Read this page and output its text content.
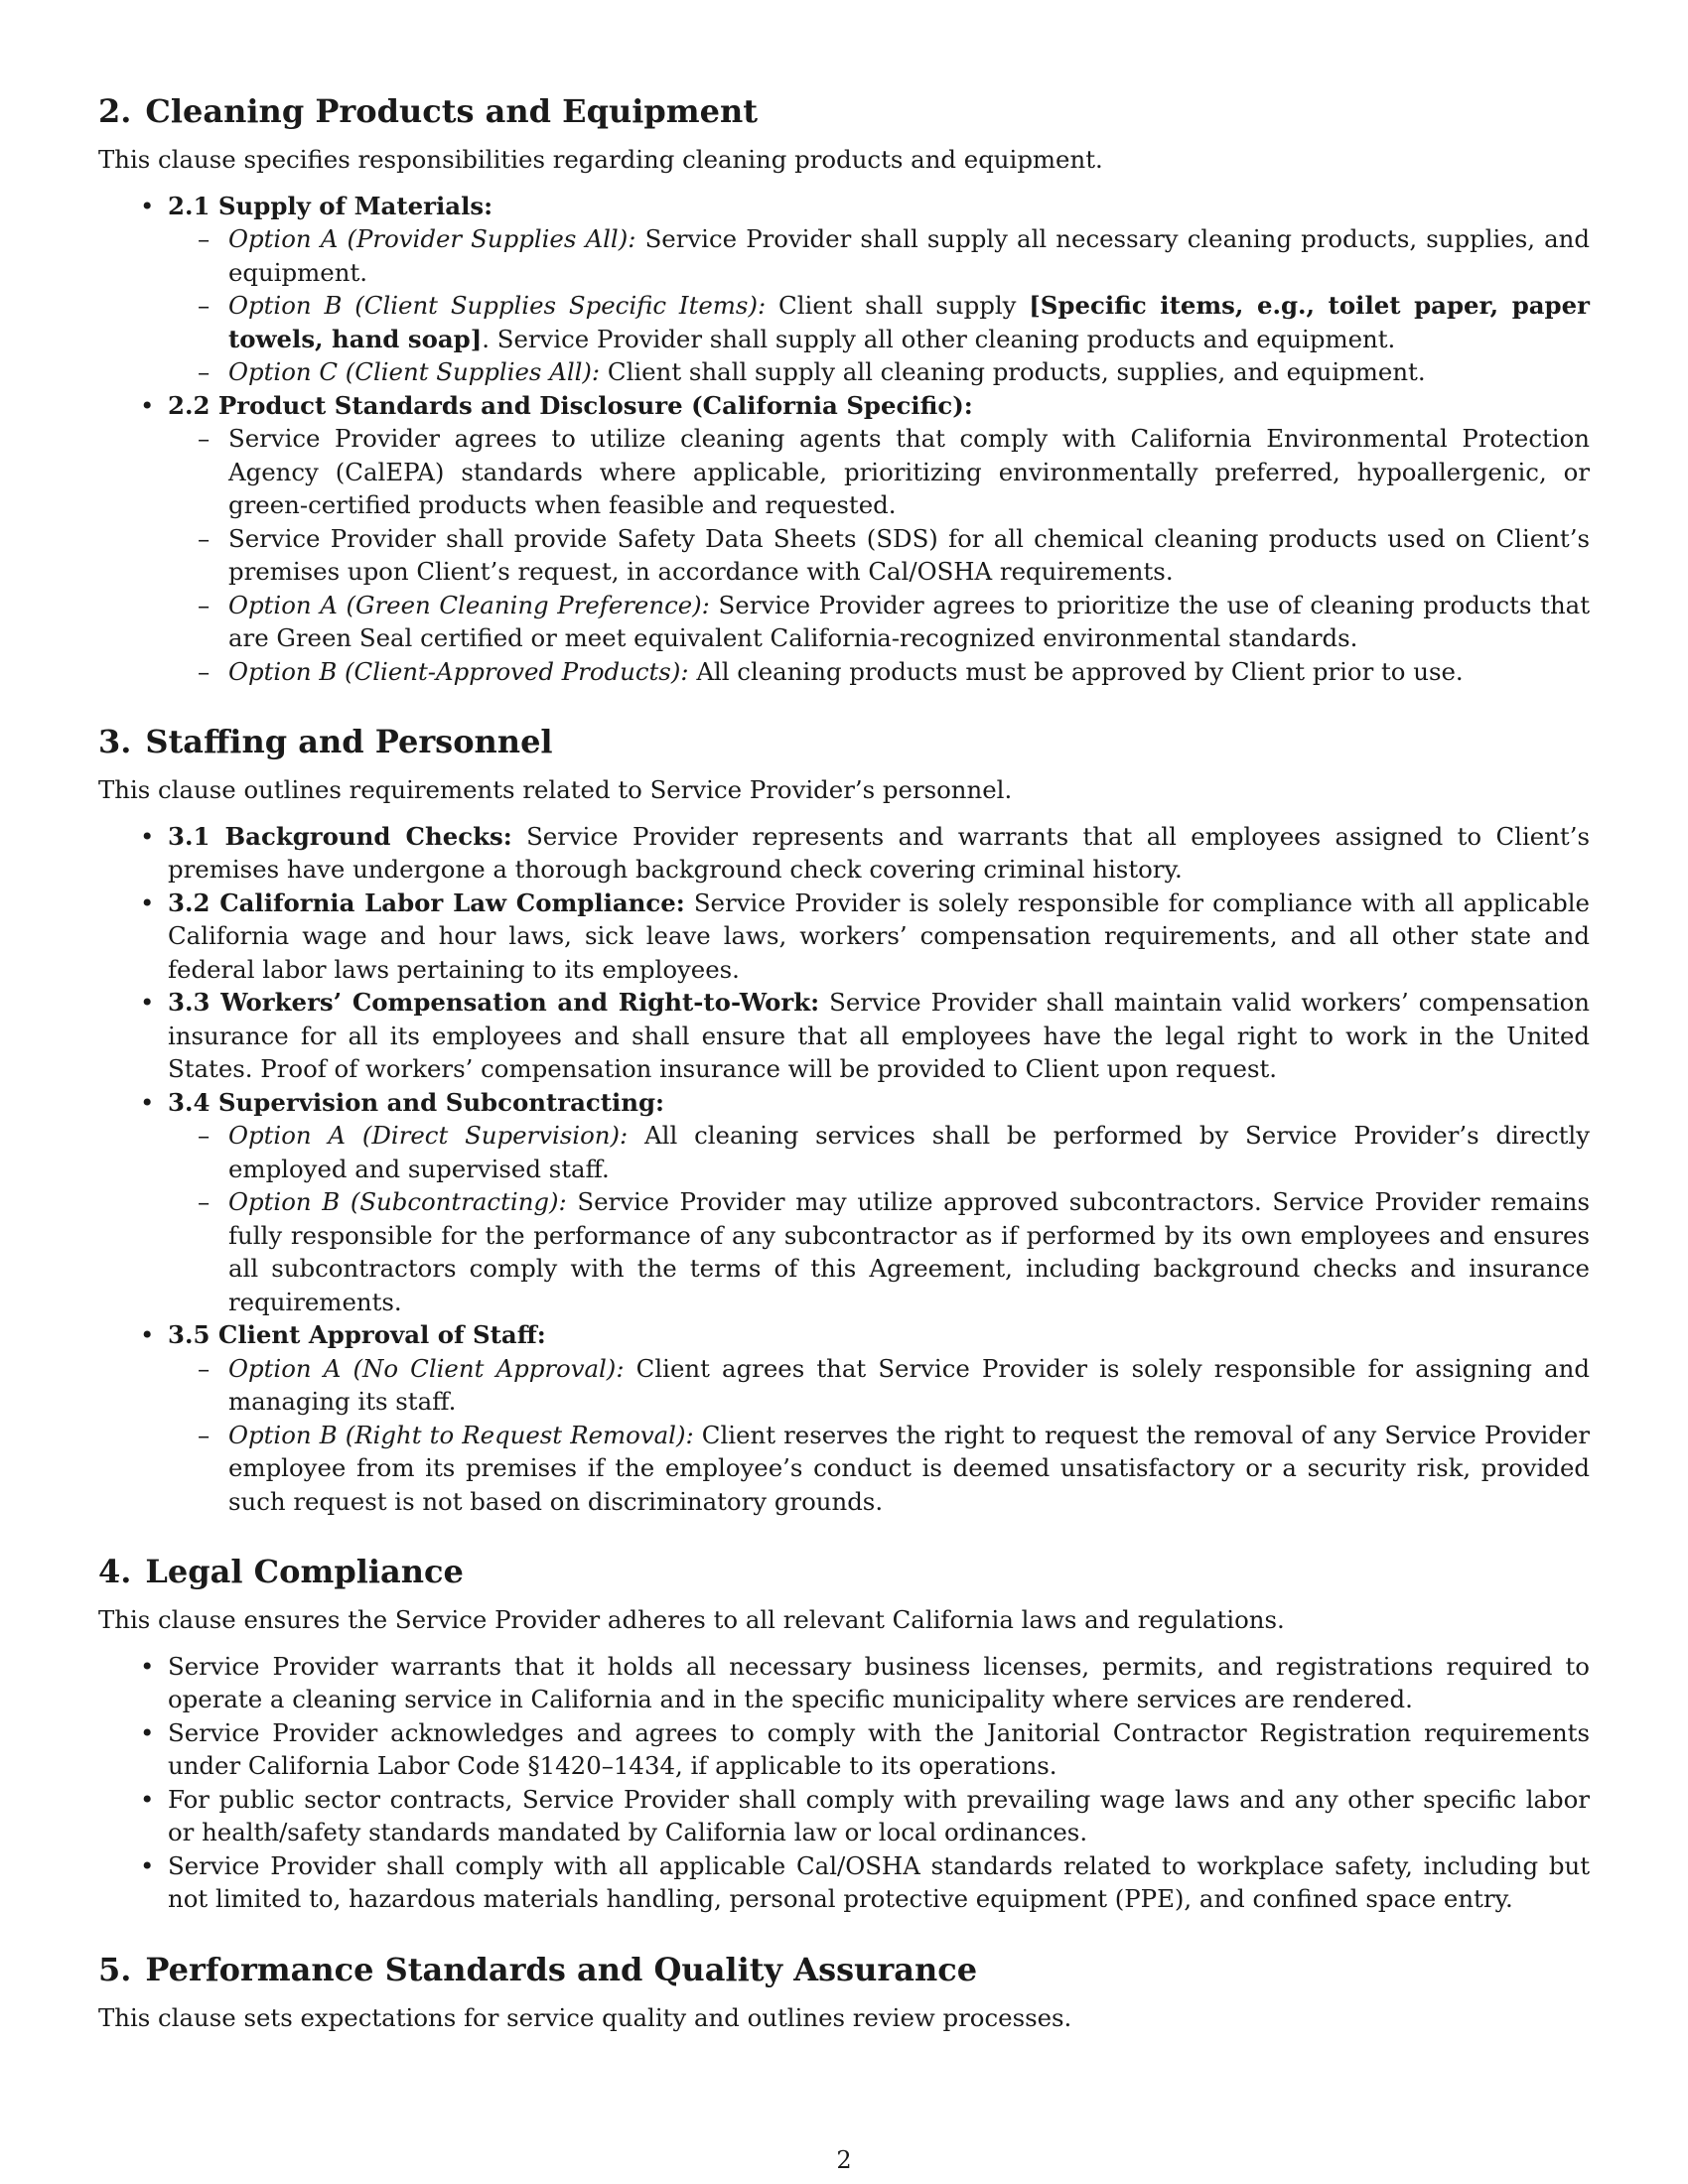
2. Cleaning Products and Equipment

This clause specifies responsibilities regarding cleaning products and equipment.

• 2.1 Supply of Materials:
– Option A (Provider Supplies All): Service Provider shall supply all necessary cleaning products, supplies, and equipment.
– Option B (Client Supplies Specific Items): Client shall supply [Specific items, e.g., toilet paper, paper towels, hand soap]. Service Provider shall supply all other cleaning products and equipment.
– Option C (Client Supplies All): Client shall supply all cleaning products, supplies, and equipment.
• 2.2 Product Standards and Disclosure (California Specific):
– Service Provider agrees to utilize cleaning agents that comply with California Environmental Protection Agency (CalEPA) standards where applicable, prioritizing environmentally preferred, hypoallergenic, or green-certified products when feasible and requested.
– Service Provider shall provide Safety Data Sheets (SDS) for all chemical cleaning products used on Client’s premises upon Client’s request, in accordance with Cal/OSHA requirements.
– Option A (Green Cleaning Preference): Service Provider agrees to prioritize the use of cleaning products that are Green Seal certified or meet equivalent California-recognized environmental standards.
– Option B (Client-Approved Products): All cleaning products must be approved by Client prior to use.
3. Staffing and Personnel

This clause outlines requirements related to Service Provider’s personnel.

• 3.1 Background Checks: Service Provider represents and warrants that all employees assigned to Client’s premises have undergone a thorough background check covering criminal history.
• 3.2 California Labor Law Compliance: Service Provider is solely responsible for compliance with all applicable California wage and hour laws, sick leave laws, workers’ compensation requirements, and all other state and federal labor laws pertaining to its employees.
• 3.3 Workers’ Compensation and Right-to-Work: Service Provider shall maintain valid workers’ compensation insurance for all its employees and shall ensure that all employees have the legal right to work in the United States. Proof of workers’ compensation insurance will be provided to Client upon request.
• 3.4 Supervision and Subcontracting:
– Option A (Direct Supervision): All cleaning services shall be performed by Service Provider’s directly employed and supervised staff.
– Option B (Subcontracting): Service Provider may utilize approved subcontractors. Service Provider remains fully responsible for the performance of any subcontractor as if performed by its own employees and ensures all subcontractors comply with the terms of this Agreement, including background checks and insurance requirements.
• 3.5 Client Approval of Staff:
– Option A (No Client Approval): Client agrees that Service Provider is solely responsible for assigning and managing its staff.
– Option B (Right to Request Removal): Client reserves the right to request the removal of any Service Provider employee from its premises if the employee’s conduct is deemed unsatisfactory or a security risk, provided such request is not based on discriminatory grounds.
4. Legal Compliance

This clause ensures the Service Provider adheres to all relevant California laws and regulations.

• Service Provider warrants that it holds all necessary business licenses, permits, and registrations required to operate a cleaning service in California and in the specific municipality where services are rendered.
• Service Provider acknowledges and agrees to comply with the Janitorial Contractor Registration requirements under California Labor Code §1420–1434, if applicable to its operations.
• For public sector contracts, Service Provider shall comply with prevailing wage laws and any other specific labor or health/safety standards mandated by California law or local ordinances.
• Service Provider shall comply with all applicable Cal/OSHA standards related to workplace safety, including but not limited to, hazardous materials handling, personal protective equipment (PPE), and confined space entry.
5. Performance Standards and Quality Assurance

This clause sets expectations for service quality and outlines review processes.

2
